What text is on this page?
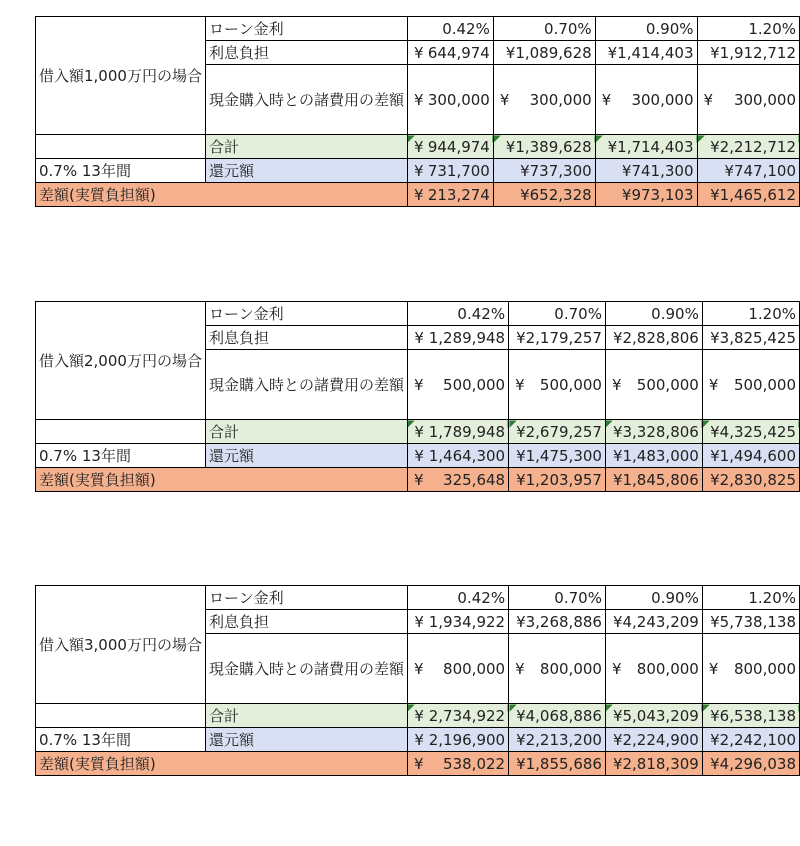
借入額1,000万円の場合	ローン金利	0.42%	0.70%	0.90%	1.20%
	利息負担	¥ 644,974	¥1,089,628	¥1,414,403	¥1,912,712
	現金購入時との諸費用の差額	¥ 300,000	¥ 300,000	¥ 300,000	¥ 300,000
	合計	¥ 944,974	¥1,389,628	¥1,714,403	¥2,212,712
0.7% 13年間	還元額	¥ 731,700	¥737,300	¥741,300	¥747,100
差額(実質負担額)		¥ 213,274	¥652,328	¥973,103	¥1,465,612
借入額2,000万円の場合	ローン金利	0.42%	0.70%	0.90%	1.20%
	利息負担	¥ 1,289,948	¥2,179,257	¥2,828,806	¥3,825,425
	現金購入時との諸費用の差額	¥ 500,000	¥ 500,000	¥ 500,000	¥ 500,000
	合計	¥ 1,789,948	¥2,679,257	¥3,328,806	¥4,325,425
0.7% 13年間	還元額	¥ 1,464,300	¥1,475,300	¥1,483,000	¥1,494,600
差額(実質負担額)		¥ 325,648	¥1,203,957	¥1,845,806	¥2,830,825
借入額3,000万円の場合	ローン金利	0.42%	0.70%	0.90%	1.20%
	利息負担	¥ 1,934,922	¥3,268,886	¥4,243,209	¥5,738,138
	現金購入時との諸費用の差額	¥ 800,000	¥ 800,000	¥ 800,000	¥ 800,000
	合計	¥ 2,734,922	¥4,068,886	¥5,043,209	¥6,538,138
0.7% 13年間	還元額	¥ 2,196,900	¥2,213,200	¥2,224,900	¥2,242,100
差額(実質負担額)		¥ 538,022	¥1,855,686	¥2,818,309	¥4,296,038
